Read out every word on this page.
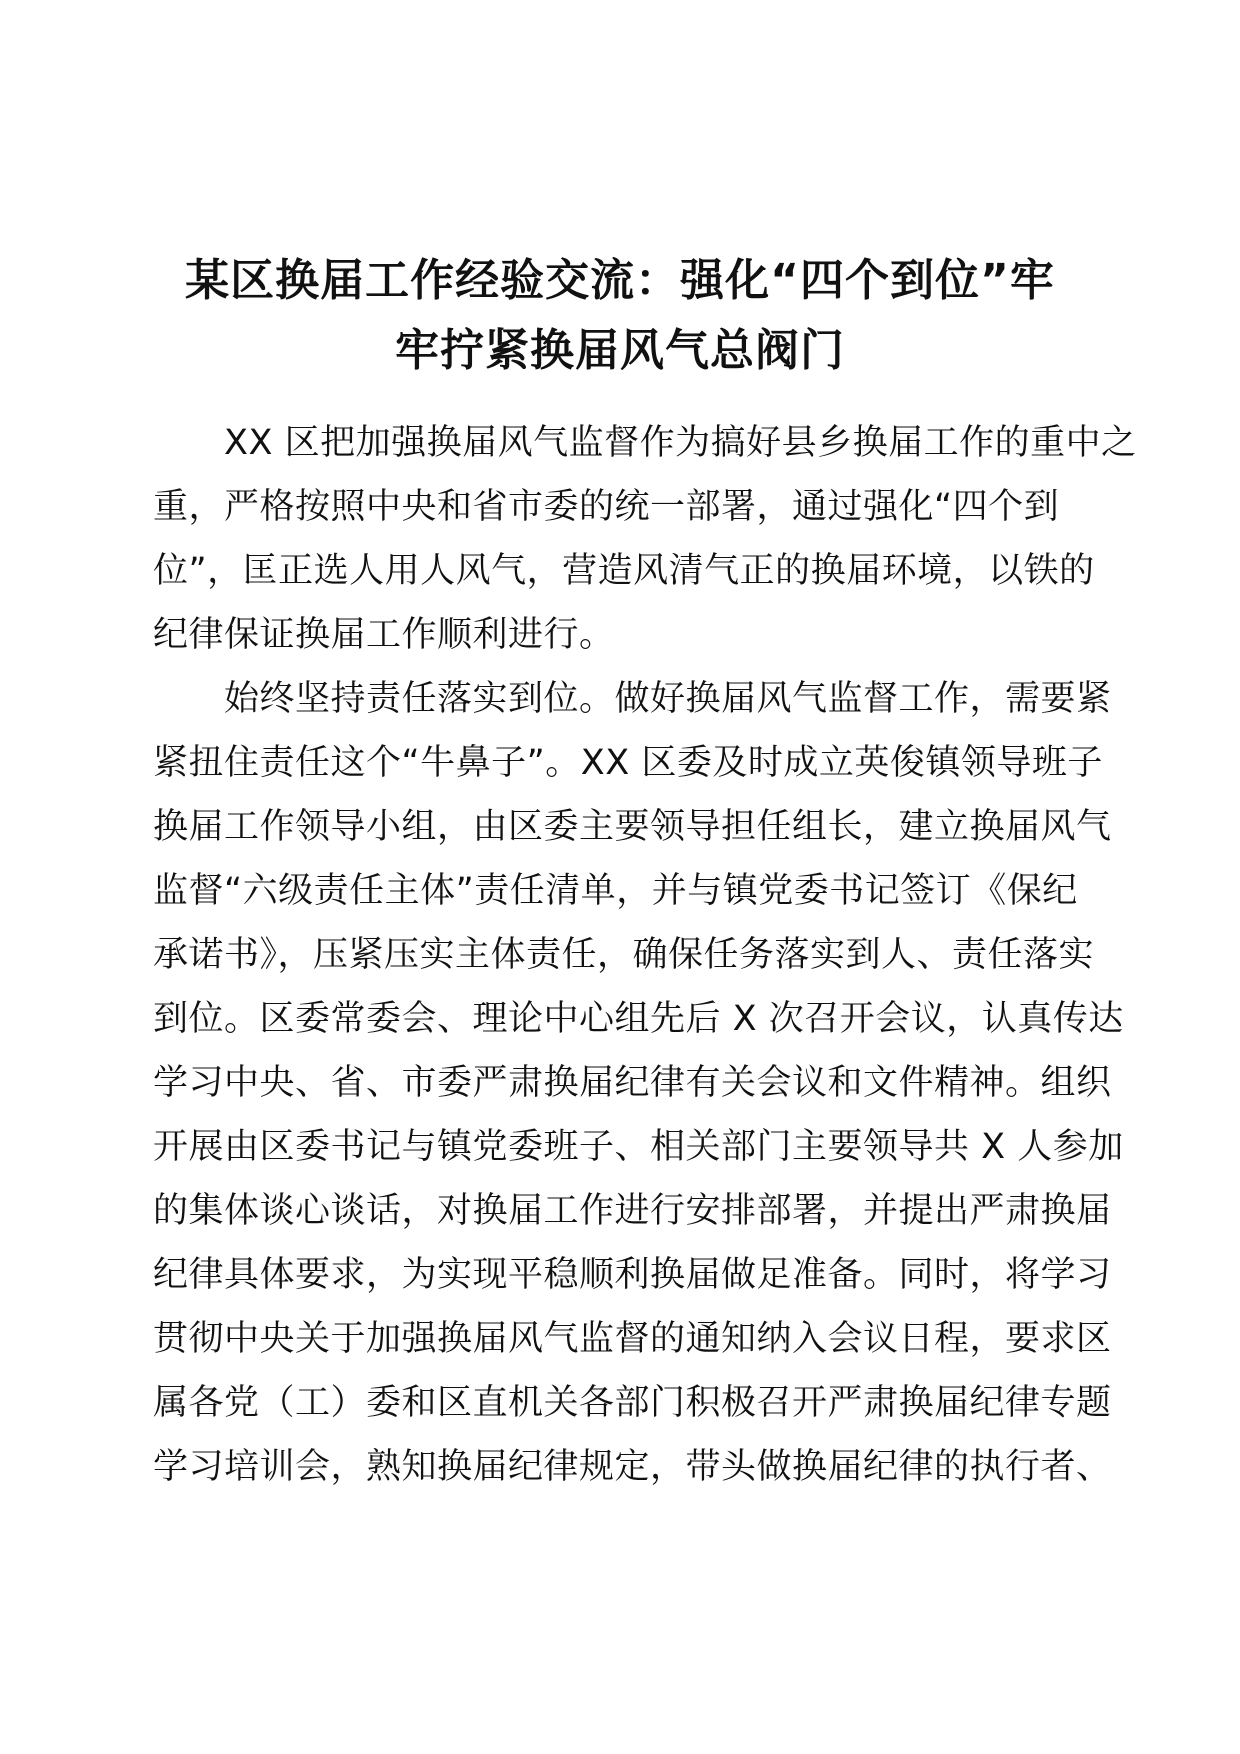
某区换届工作经验交流：强化“四个到位”牢
牢拧紧换届风气总阀门
　　XX 区把加强换届风气监督作为搞好县乡换届工作的重中之
重，严格按照中央和省市委的统一部署，通过强化“四个到
位”，匡正选人用人风气，营造风清气正的换届环境，以铁的
纪律保证换届工作顺利进行。
　　始终坚持责任落实到位。做好换届风气监督工作，需要紧
紧扭住责任这个“牛鼻子”。XX 区委及时成立英俊镇领导班子
换届工作领导小组，由区委主要领导担任组长，建立换届风气
监督“六级责任主体”责任清单，并与镇党委书记签订《保纪
承诺书》，压紧压实主体责任，确保任务落实到人、责任落实
到位。区委常委会、理论中心组先后 X 次召开会议，认真传达
学习中央、省、市委严肃换届纪律有关会议和文件精神。组织
开展由区委书记与镇党委班子、相关部门主要领导共 X 人参加
的集体谈心谈话，对换届工作进行安排部署，并提出严肃换届
纪律具体要求，为实现平稳顺利换届做足准备。同时，将学习
贯彻中央关于加强换届风气监督的通知纳入会议日程，要求区
属各党（工）委和区直机关各部门积极召开严肃换届纪律专题
学习培训会，熟知换届纪律规定，带头做换届纪律的执行者、
